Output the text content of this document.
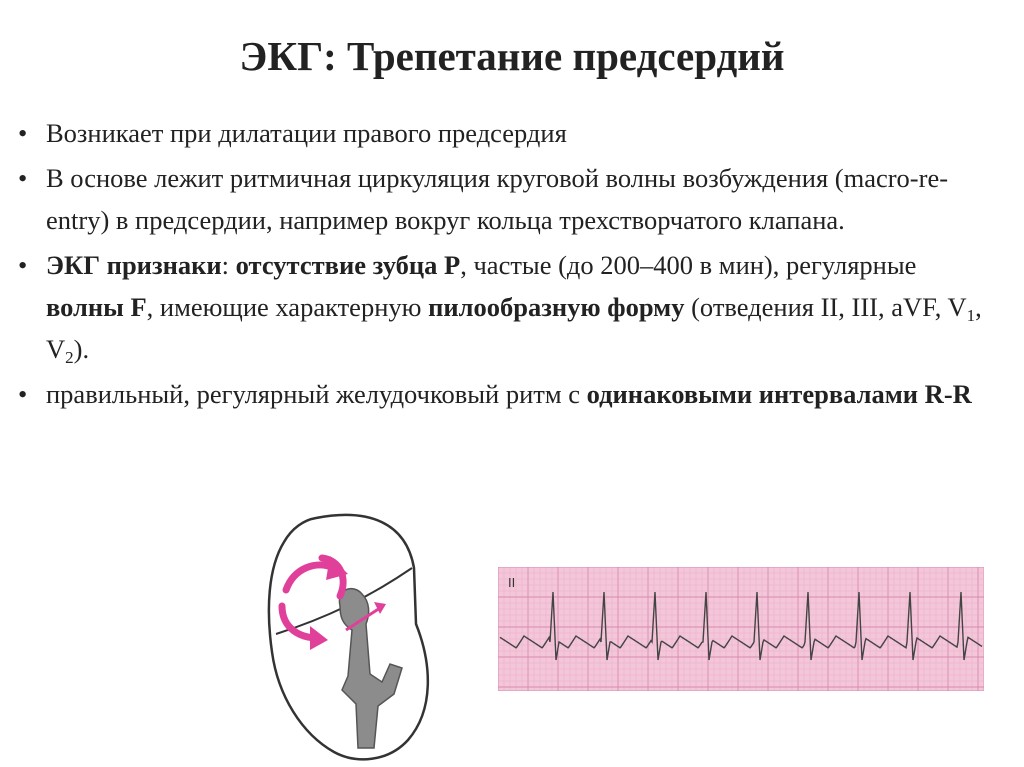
ЭКГ: Трепетание предсердий
• Возникает при дилатации правого предсердия
• В основе лежит ритмичная циркуляция круговой волны возбуждения (macro-re-entry) в предсердии, например вокруг кольца трехстворчатого клапана.
• ЭКГ признаки: отсутствие зубца Р, частые (до 200–400 в мин), регулярные волны F, имеющие характерную пилообразную форму (отведения II, III, aVF, $V_1$, $V_2$).
• правильный, регулярный желудочковый ритм с одинаковыми интервалами R-R
II
